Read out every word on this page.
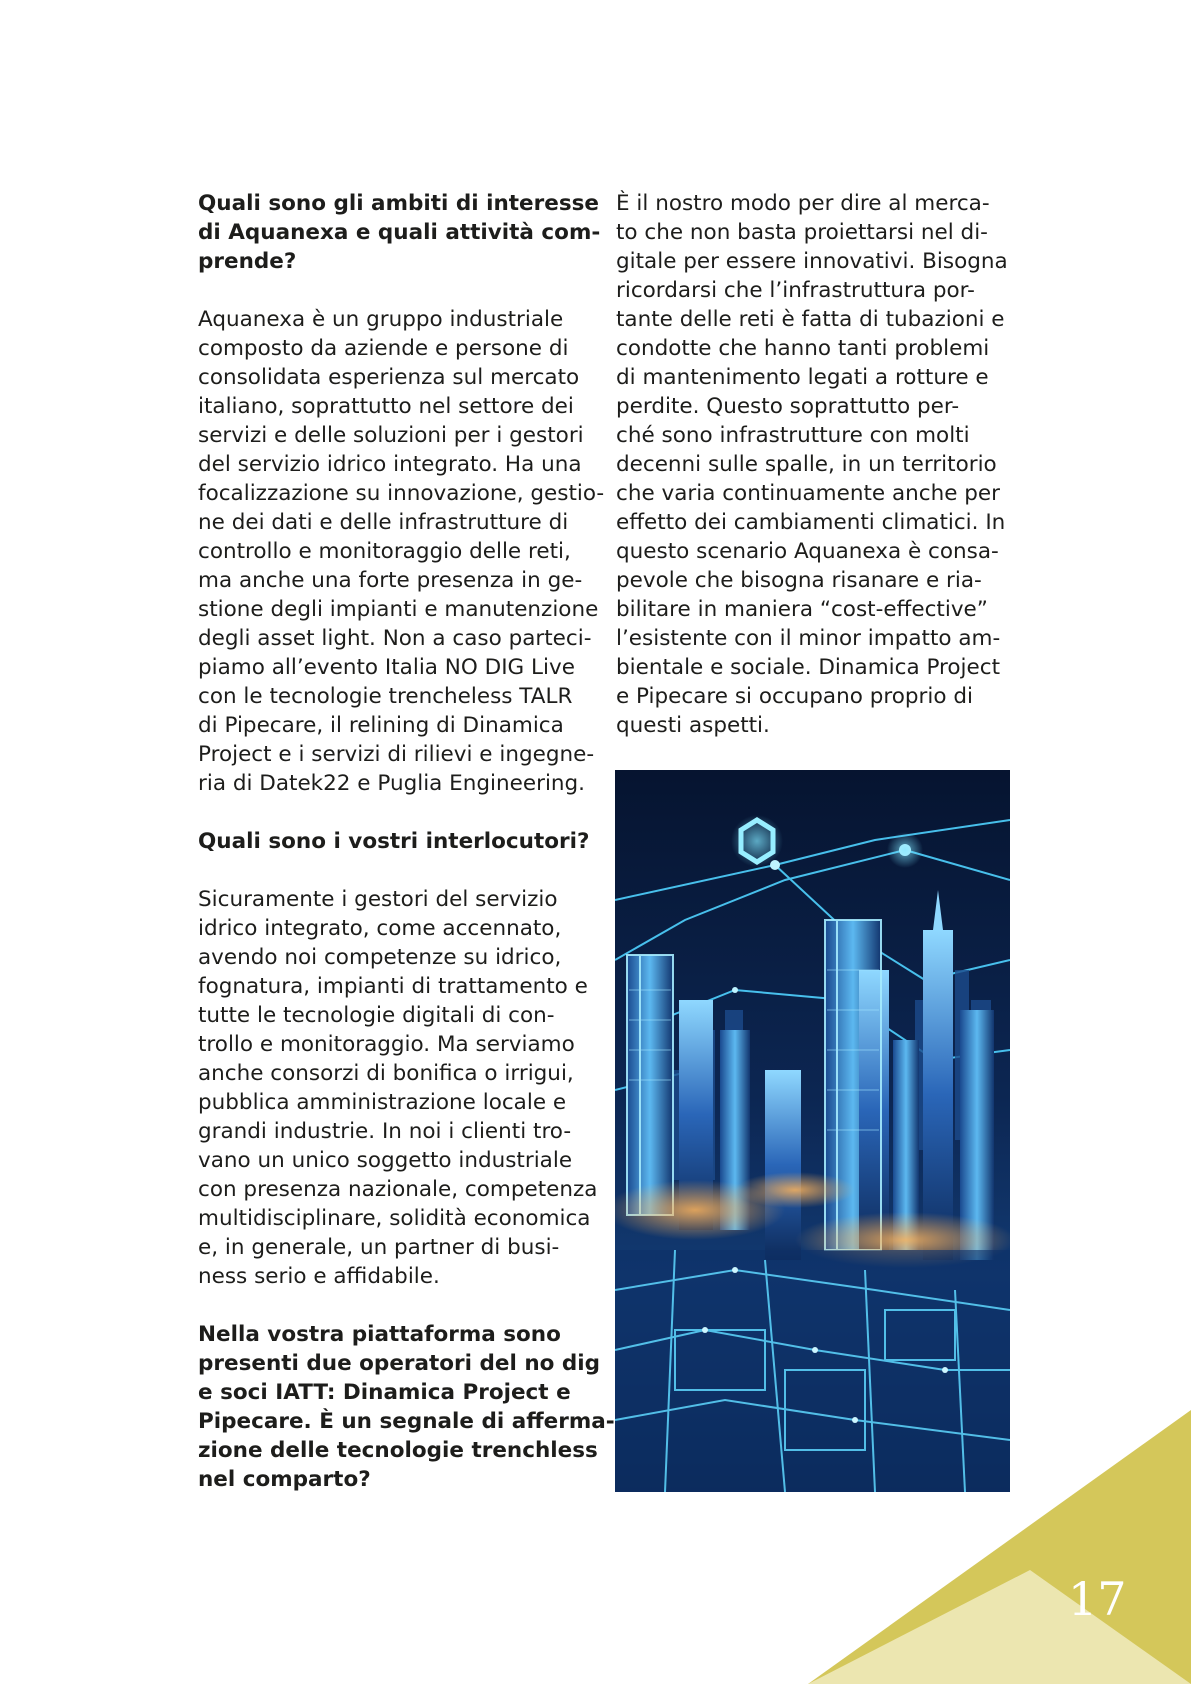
Quali sono gli ambiti di interesse
di Aquanexa e quali attività com-
prende?
Aquanexa è un gruppo industriale
composto da aziende e persone di
consolidata esperienza sul mercato
italiano, soprattutto nel settore dei
servizi e delle soluzioni per i gestori
del servizio idrico integrato. Ha una
focalizzazione su innovazione, gestio-
ne dei dati e delle infrastrutture di
controllo e monitoraggio delle reti,
ma anche una forte presenza in ge-
stione degli impianti e manutenzione
degli asset light. Non a caso parteci-
piamo all’evento Italia NO DIG Live
con le tecnologie trencheless TALR
di Pipecare, il relining di Dinamica
Project e i servizi di rilievi e ingegne-
ria di Datek22 e Puglia Engineering.
Quali sono i vostri interlocutori?
Sicuramente i gestori del servizio
idrico integrato, come accennato,
avendo noi competenze su idrico,
fognatura, impianti di trattamento e
tutte le tecnologie digitali di con-
trollo e monitoraggio. Ma serviamo
anche consorzi di bonifica o irrigui,
pubblica amministrazione locale e
grandi industrie. In noi i clienti tro-
vano un unico soggetto industriale
con presenza nazionale, competenza
multidisciplinare, solidità economica
e, in generale, un partner di busi-
ness serio e affidabile.
Nella vostra piattaforma sono
presenti due operatori del no dig
e soci IATT: Dinamica Project e
Pipecare. È un segnale di afferma-
zione delle tecnologie trenchless
nel comparto?
È il nostro modo per dire al merca-
to che non basta proiettarsi nel di-
gitale per essere innovativi. Bisogna
ricordarsi che l’infrastruttura por-
tante delle reti è fatta di tubazioni e
condotte che hanno tanti problemi
di mantenimento legati a rotture e
perdite. Questo soprattutto per-
ché sono infrastrutture con molti
decenni sulle spalle, in un territorio
che varia continuamente anche per
effetto dei cambiamenti climatici. In
questo scenario Aquanexa è consa-
pevole che bisogna risanare e ria-
bilitare in maniera “cost-effective”
l’esistente con il minor impatto am-
bientale e sociale. Dinamica Project
e Pipecare si occupano proprio di
questi aspetti.
17
